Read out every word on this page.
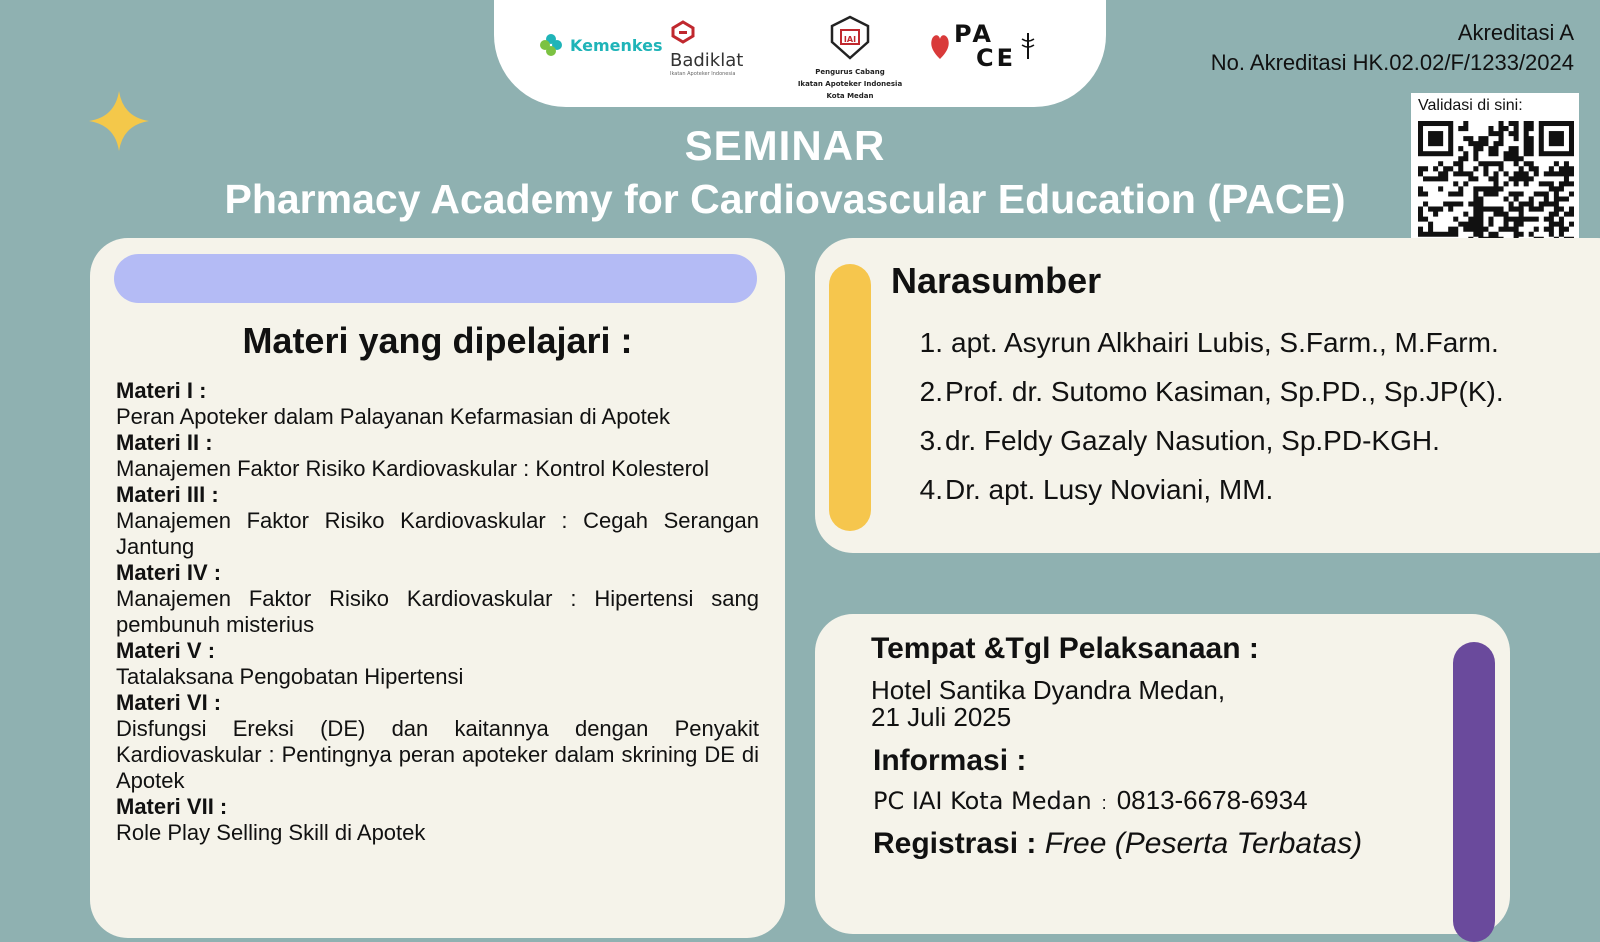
Kemenkes
Badiklat
Ikatan Apoteker Indonesia
IAI
Pengurus Cabang
Ikatan Apoteker Indonesia
Kota Medan
PA
CE
Akreditasi A
No. Akreditasi HK.02.02/F/1233/2024
Validasi di sini:
SEMINAR
Pharmacy Academy for Cardiovascular Education (PACE)
Materi yang dipelajari :
Materi I :
Peran Apoteker dalam Palayanan Kefarmasian di Apotek
Materi II :
Manajemen Faktor Risiko Kardiovaskular : Kontrol Kolesterol
Materi III :
Manajemen Faktor Risiko Kardiovaskular : Cegah Serangan Jantung
Materi IV :
Manajemen Faktor Risiko Kardiovaskular : Hipertensi sang pembunuh misterius
Materi V :
Tatalaksana Pengobatan Hipertensi
Materi VI :
Disfungsi Ereksi (DE) dan kaitannya dengan Penyakit Kardiovaskular : Pentingnya peran apoteker dalam skrining DE di Apotek
Materi VII :
Role Play Selling Skill di Apotek
Narasumber
1. apt. Asyrun Alkhairi Lubis, S.Farm., M.Farm.
2. Prof. dr. Sutomo Kasiman, Sp.PD., Sp.JP(K).
3. dr. Feldy Gazaly Nasution, Sp.PD-KGH.
4. Dr. apt. Lusy Noviani, MM.
Tempat &Tgl Pelaksanaan :
Hotel Santika Dyandra Medan,
21 Juli 2025
Informasi :
PC IAI Kota Medan : 0813-6678-6934
Registrasi : Free (Peserta Terbatas)
